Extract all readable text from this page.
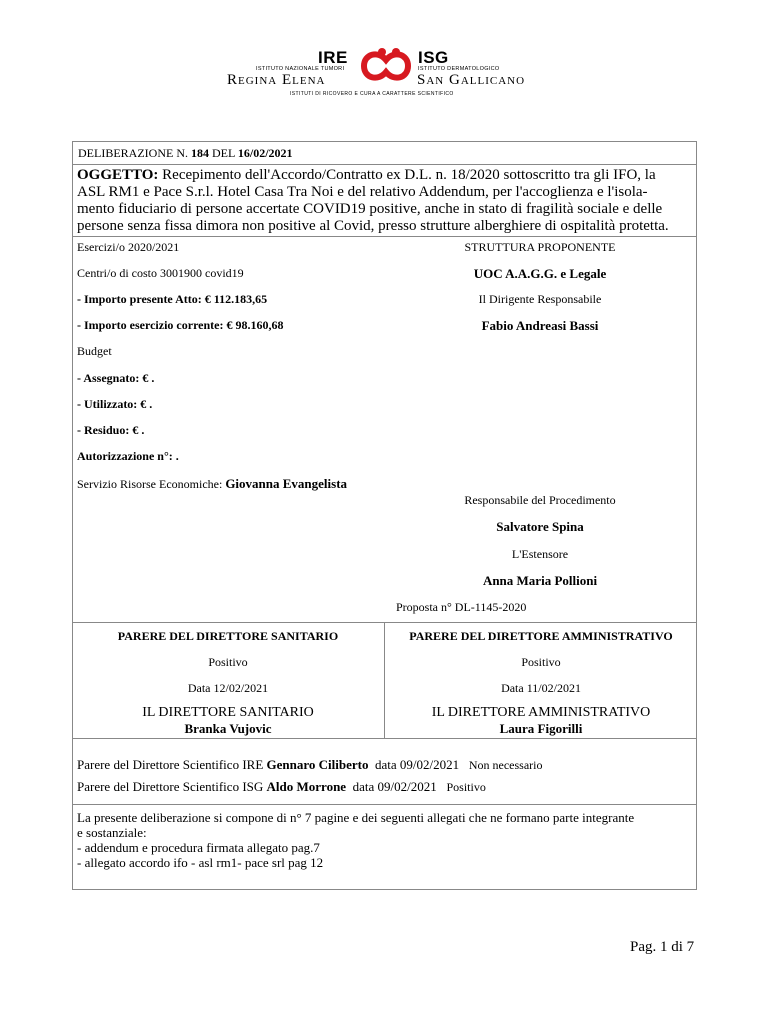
IRE
ISTITUTO NAZIONALE TUMORI
Regina Elena
ISG
ISTITUTO DERMATOLOGICO
San Gallicano
ISTITUTI DI RICOVERO E CURA A CARATTERE SCIENTIFICO
DELIBERAZIONE N. 184 DEL 16/02/2021
OGGETTO: Recepimento dell'Accordo/Contratto ex D.L. n. 18/2020 sottoscritto tra gli IFO, la
ASL RM1 e Pace S.r.l. Hotel Casa Tra Noi e del relativo Addendum, per l'accoglienza e l'isola-
mento fiduciario di persone accertate COVID19 positive, anche in stato di fragilità sociale e delle
persone senza fissa dimora non positive al Covid, presso strutture alberghiere di ospitalità protetta.
Esercizi/o 2020/2021
Centri/o di costo 3001900 covid19
- Importo presente Atto: € 112.183,65
- Importo esercizio corrente: € 98.160,68
Budget
- Assegnato: € .
- Utilizzato: € .
- Residuo: € .
Autorizzazione n°: .
Servizio Risorse Economiche: Giovanna Evangelista
STRUTTURA PROPONENTE
UOC A.A.G.G. e Legale
Il Dirigente Responsabile
Fabio Andreasi Bassi
Responsabile del Procedimento
Salvatore Spina
L'Estensore
Anna Maria Pollioni
Proposta n° DL-1145-2020
PARERE DEL DIRETTORE SANITARIO
Positivo
Data 12/02/2021
IL DIRETTORE SANITARIO
Branka Vujovic
PARERE DEL DIRETTORE AMMINISTRATIVO
Positivo
Data 11/02/2021
IL DIRETTORE AMMINISTRATIVO
Laura Figorilli
Parere del Direttore Scientifico IRE Gennaro Ciliberto data 09/02/2021 Non necessario
Parere del Direttore Scientifico ISG Aldo Morrone data 09/02/2021 Positivo
La presente deliberazione si compone di n° 7 pagine e dei seguenti allegati che ne formano parte integrante
e sostanziale:
- addendum e procedura firmata allegato pag.7
- allegato accordo ifo - asl rm1- pace srl pag 12
Pag. 1 di 7
